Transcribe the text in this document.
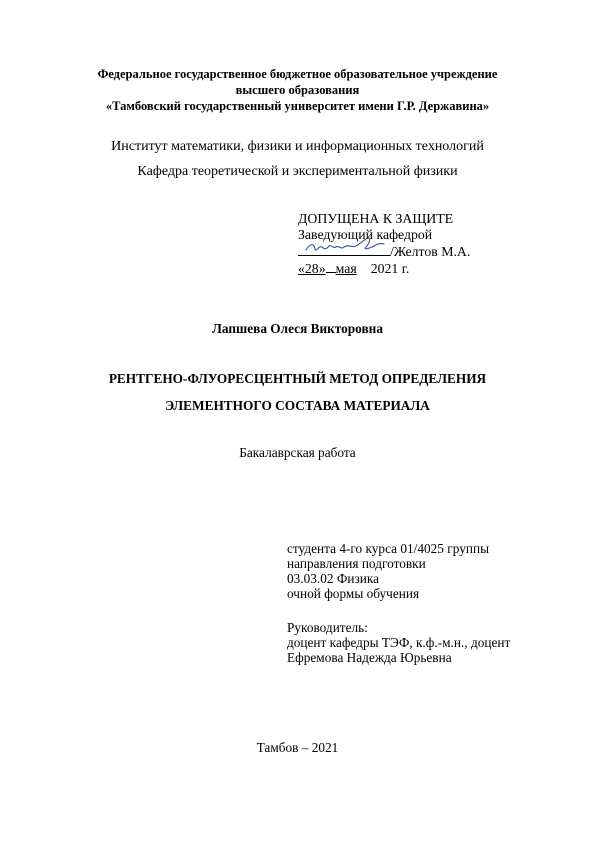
Федеральное государственное бюджетное образовательное учреждение
высшего образования
«Тамбовский государственный университет имени Г.Р. Державина»
Институт математики, физики и информационных технологий
Кафедра теоретической и экспериментальной физики
ДОПУЩЕНА К ЗАЩИТЕ
Заведующий кафедрой
/Желтов М.А.
«28» мая 2021 г.
Лапшева Олеся Викторовна
РЕНТГЕНО-ФЛУОРЕСЦЕНТНЫЙ МЕТОД ОПРЕДЕЛЕНИЯ
ЭЛЕМЕНТНОГО СОСТАВА МАТЕРИАЛА
Бакалаврская работа
студента 4-го курса 01/4025 группы
направления подготовки
03.03.02 Физика
очной формы обучения
Руководитель:
доцент кафедры ТЭФ, к.ф.-м.н., доцент
Ефремова Надежда Юрьевна
Тамбов – 2021
